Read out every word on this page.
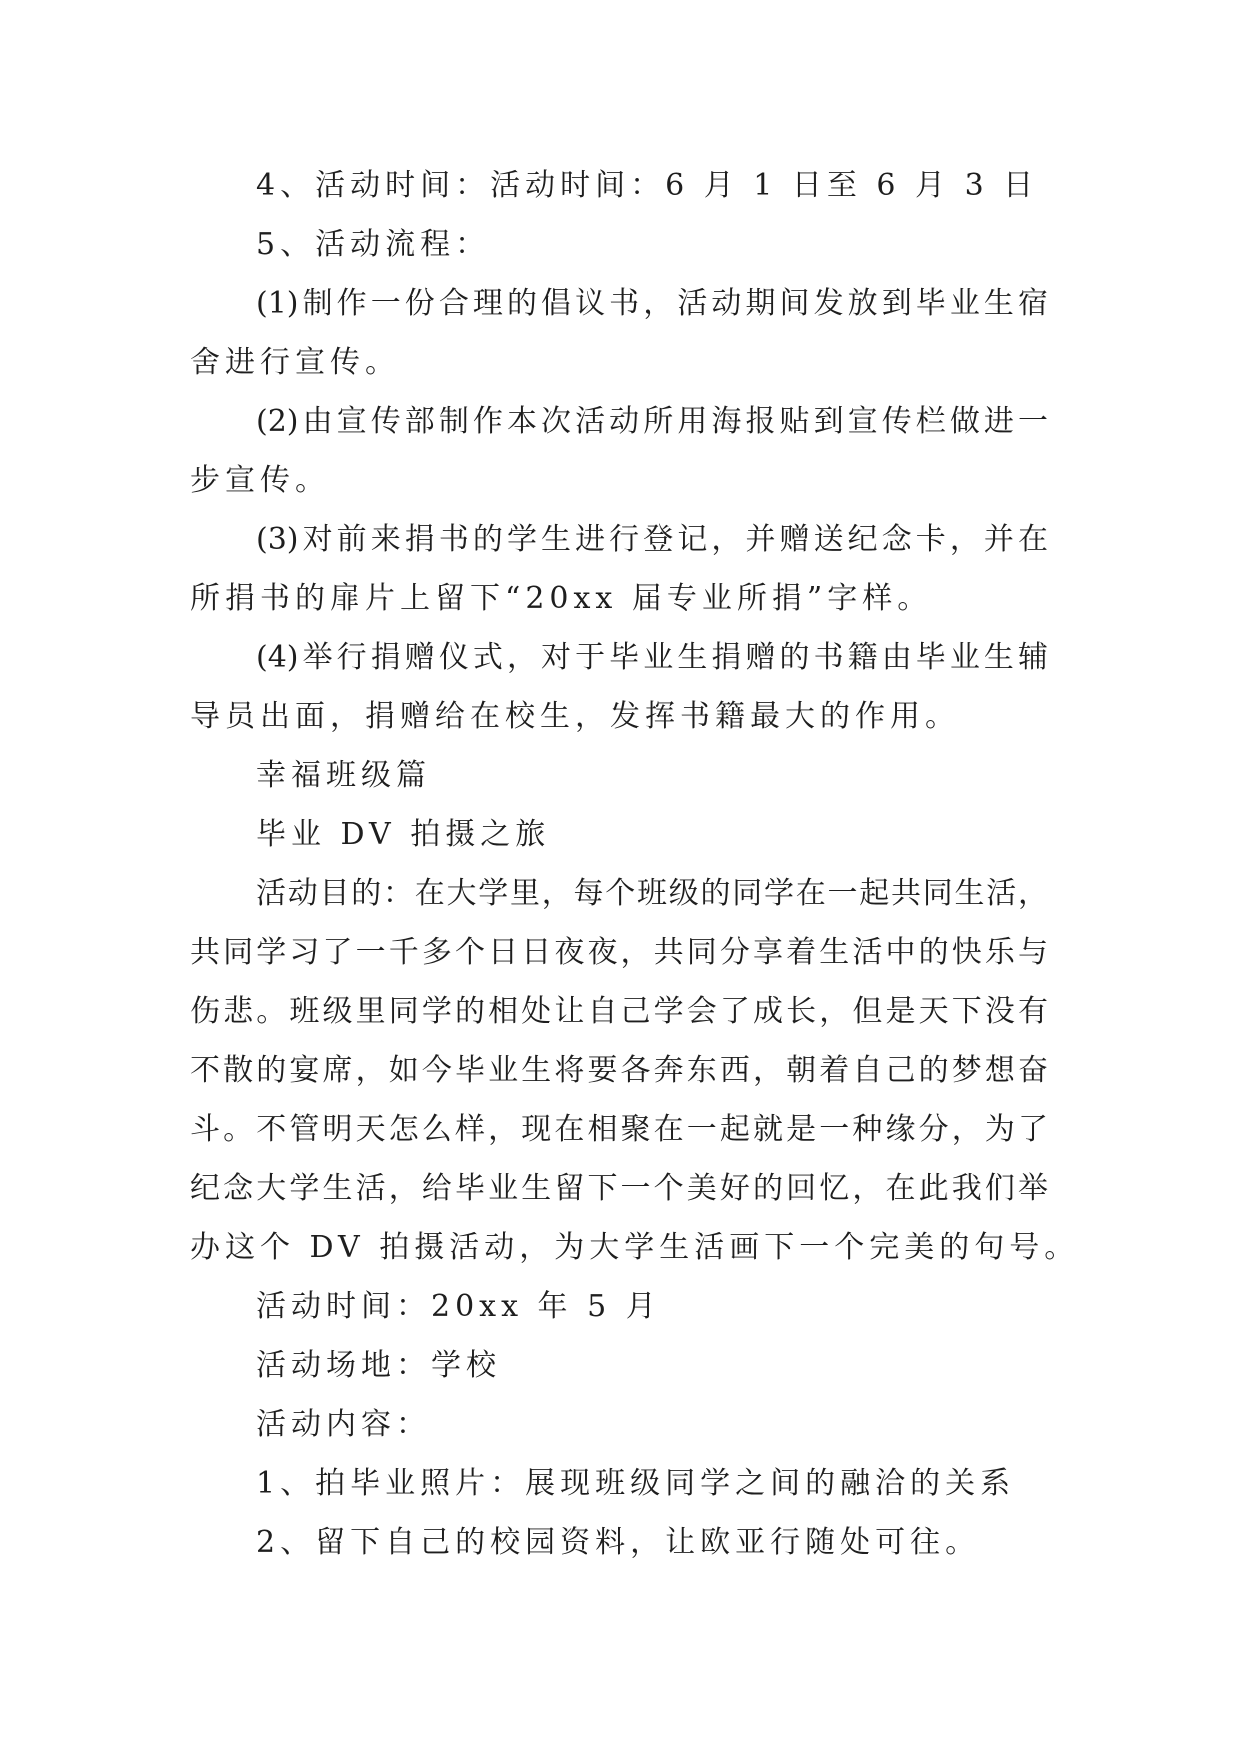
4、活动时间：活动时间：6 月 1 日至 6 月 3 日
5、活动流程：
(1)制作一份合理的倡议书，活动期间发放到毕业生宿
舍进行宣传。
(2)由宣传部制作本次活动所用海报贴到宣传栏做进一
步宣传。
(3)对前来捐书的学生进行登记，并赠送纪念卡，并在
所捐书的扉片上留下“20xx 届专业所捐”字样。
(4)举行捐赠仪式，对于毕业生捐赠的书籍由毕业生辅
导员出面，捐赠给在校生，发挥书籍最大的作用。
幸福班级篇
毕业 DV 拍摄之旅
活动目的：在大学里，每个班级的同学在一起共同生活，
共同学习了一千多个日日夜夜，共同分享着生活中的快乐与
伤悲。班级里同学的相处让自己学会了成长，但是天下没有
不散的宴席，如今毕业生将要各奔东西，朝着自己的梦想奋
斗。不管明天怎么样，现在相聚在一起就是一种缘分，为了
纪念大学生活，给毕业生留下一个美好的回忆，在此我们举
办这个 DV 拍摄活动，为大学生活画下一个完美的句号。
活动时间：20xx 年 5 月
活动场地：学校
活动内容：
1、拍毕业照片：展现班级同学之间的融洽的关系
2、留下自己的校园资料，让欧亚行随处可往。
